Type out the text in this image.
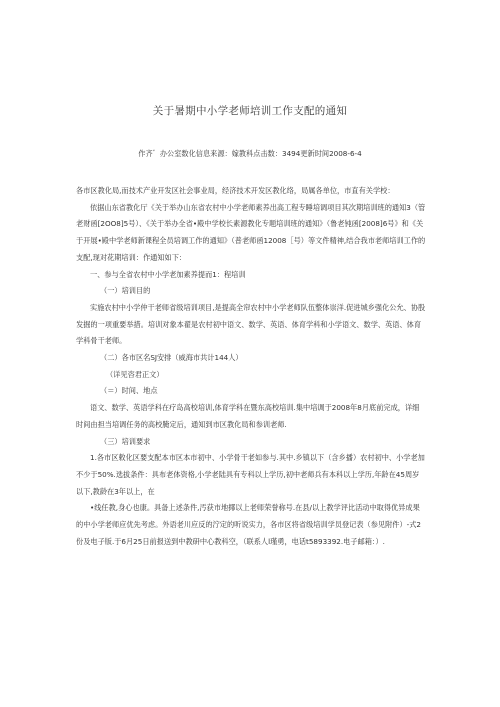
关于暑期中小学老师培训工作支配的通知
作齐゛办公室数化信息来源：嫁教科点击数：3494更新时间2008-6-4

各市区教化局,而技术产业开发区社会事业局，经济技术开发区教化络，局属各单位，市直有关学校：

依据山东省教化厅《关于举办山东省农村中小学老师素养出高工程专睡培调项目其次期培训班的通知3（管老财函[2OO8]5号）、《关于举办全省•殿中学校长素源教化专题培训班的通知》（鲁老钝函[2008]6号》和《关于开展•殿中学老师新课程全员培调工作的通知》（普老师函12008［号）等文件精神,结合我市老师培训工作的支配,现对花期培训：作通知如下：

一、参与全省农村中小学老加素养提而1：程培训

（一）培训目的

实施农村中小学仲干老师省级培训项目,是提高全帘农村中小学老师队伍整体崇洋.促进城乡强化公允、协股发掘的一项重要举措。培训对象本翟是农村初中语文、数学、英语、体育学科和小学语文、数学、英语、体育学科骨干老师。

（二）各市区名SJ安排（威海市共计144人）

（详见咨君正文）

（＝）时间、地点

语文、数学、英语学科在疗岛高校培训,体育学科在暨东高校培训.集中培调于2008年8月底前完成，详细时间由担当培调任务的高校腌定后，通知到市区教化局和参训老师.

（三）培训要求

1.各市区敕化区要支配本市区本市初中、小学骨干老如参与.其中.乡镇以下（含乡播）农村初中、小学老加不少于50%.选拔条件：具布老体资格,小学老陆具有专科以上学历,初中老师兵有本科以上学历,年龄在45周岁以下,教龄在3年以上，在

•线任教,身心也康。具备上述条件,汚获市地揶以上老师荣誉称号.在县/以上教学评比活动中取得优异成果的中小学老师应优先考虑。外语老川应反的泞定的听说实力，各市区将省级培训学员登记表（参见附件）-式2份及电子版.于6月25日前报送到中教研中心教科空，（联系人l瑾勇，电话t5893392.电子邮箱：）.
